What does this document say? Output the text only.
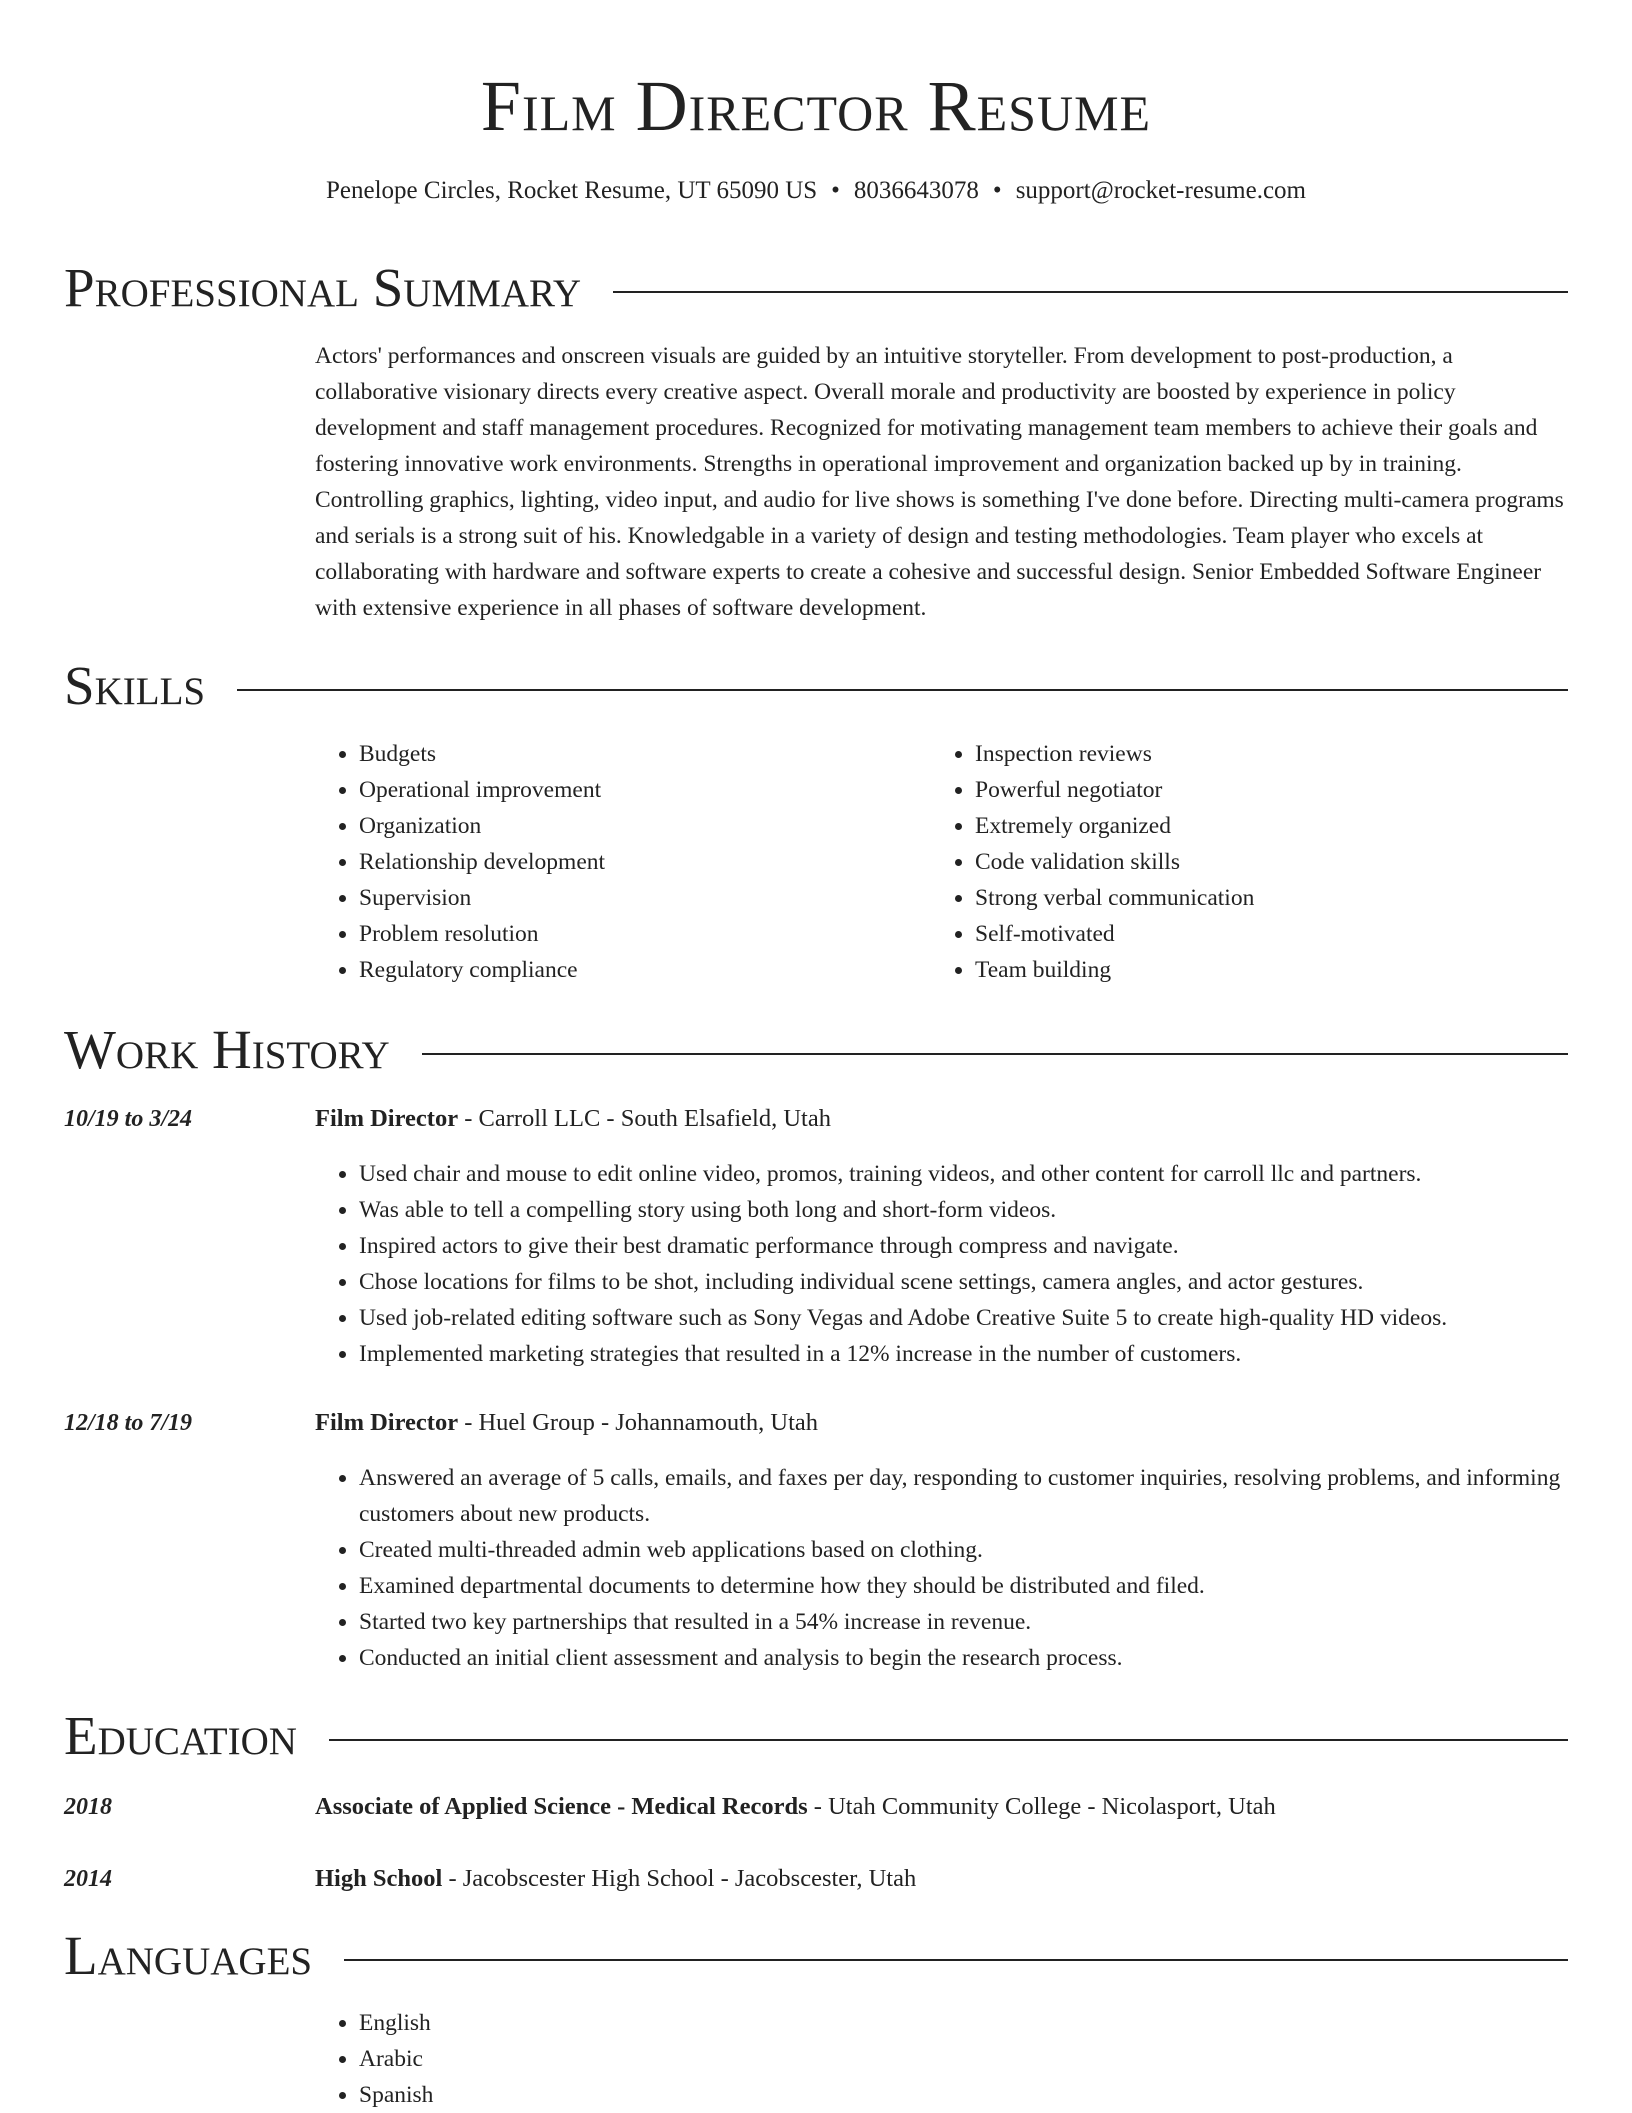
Film Director Resume
Penelope Circles, Rocket Resume, UT 65090 US • 8036643078 • support@rocket-resume.com
Professional Summary
Actors' performances and onscreen visuals are guided by an intuitive storyteller. From development to post-production, a collaborative visionary directs every creative aspect. Overall morale and productivity are boosted by experience in policy development and staff management procedures. Recognized for motivating management team members to achieve their goals and fostering innovative work environments. Strengths in operational improvement and organization backed up by in training. Controlling graphics, lighting, video input, and audio for live shows is something I've done before. Directing multi-camera programs and serials is a strong suit of his. Knowledgable in a variety of design and testing methodologies. Team player who excels at collaborating with hardware and software experts to create a cohesive and successful design. Senior Embedded Software Engineer with extensive experience in all phases of software development.
Skills
• Budgets
• Operational improvement
• Organization
• Relationship development
• Supervision
• Problem resolution
• Regulatory compliance
• Inspection reviews
• Powerful negotiator
• Extremely organized
• Code validation skills
• Strong verbal communication
• Self-motivated
• Team building
Work History
10/19 to 3/24	Film Director - Carroll LLC - South Elsafield, Utah
• Used chair and mouse to edit online video, promos, training videos, and other content for carroll llc and partners.
• Was able to tell a compelling story using both long and short-form videos.
• Inspired actors to give their best dramatic performance through compress and navigate.
• Chose locations for films to be shot, including individual scene settings, camera angles, and actor gestures.
• Used job-related editing software such as Sony Vegas and Adobe Creative Suite 5 to create high-quality HD videos.
• Implemented marketing strategies that resulted in a 12% increase in the number of customers.
12/18 to 7/19	Film Director - Huel Group - Johannamouth, Utah
• Answered an average of 5 calls, emails, and faxes per day, responding to customer inquiries, resolving problems, and informing customers about new products.
• Created multi-threaded admin web applications based on clothing.
• Examined departmental documents to determine how they should be distributed and filed.
• Started two key partnerships that resulted in a 54% increase in revenue.
• Conducted an initial client assessment and analysis to begin the research process.
Education
2018	Associate of Applied Science - Medical Records - Utah Community College - Nicolasport, Utah
2014	High School - Jacobscester High School - Jacobscester, Utah
Languages
• English
• Arabic
• Spanish
